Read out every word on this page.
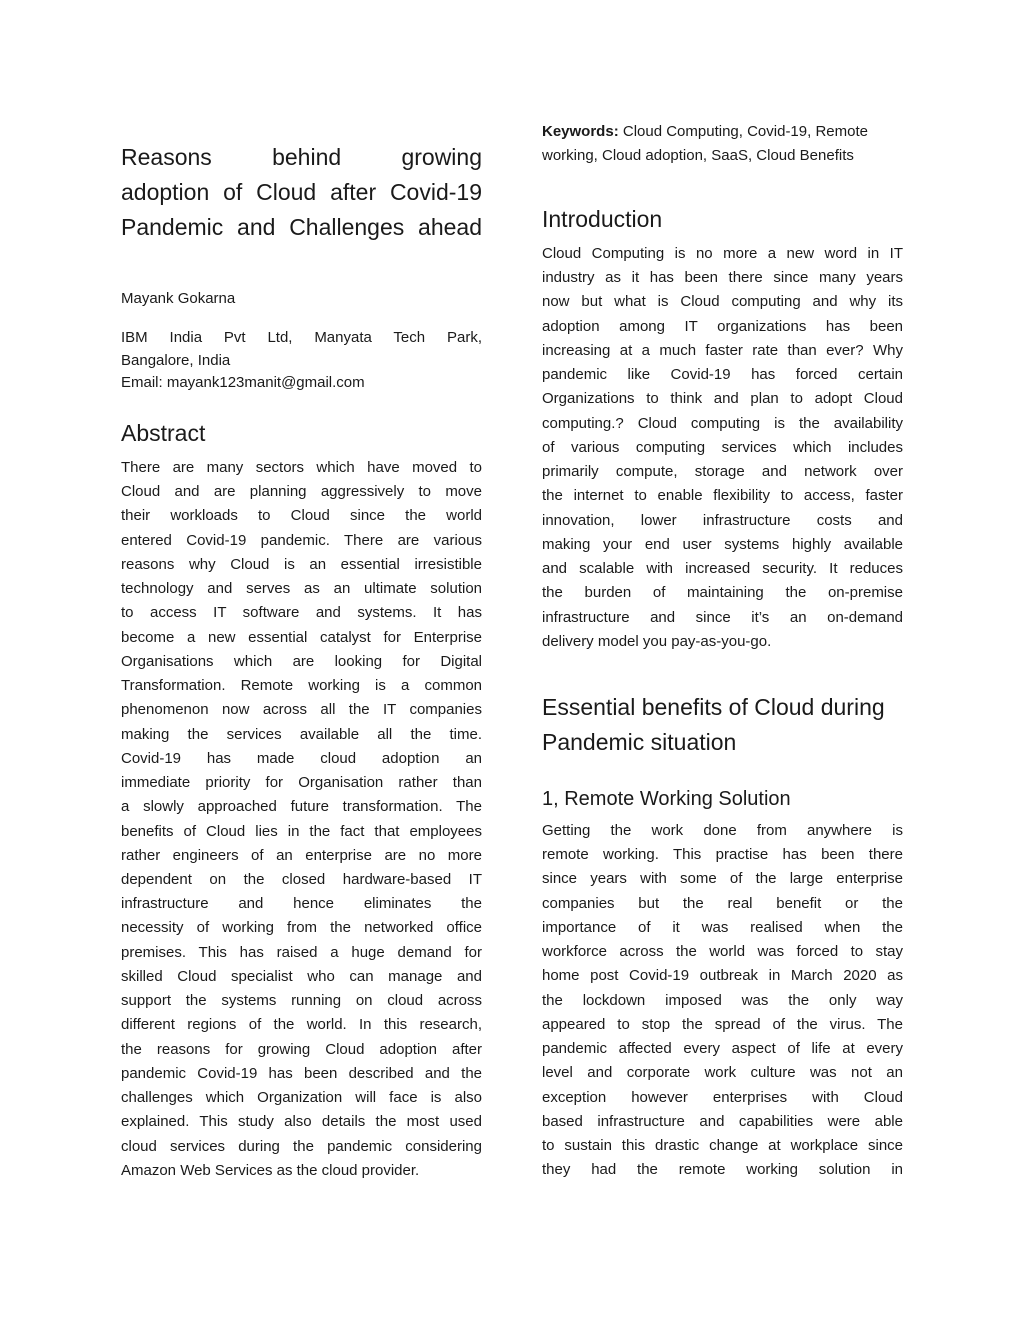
Reasons behind growing
adoption of Cloud after Covid-19
Pandemic and Challenges ahead
Mayank Gokarna
IBM India Pvt Ltd, Manyata Tech Park,
Bangalore, India
Email: mayank123manit@gmail.com
Abstract
There are many sectors which have moved to
Cloud and are planning aggressively to move
their workloads to Cloud since the world
entered Covid-19 pandemic. There are various
reasons why Cloud is an essential irresistible
technology and serves as an ultimate solution
to access IT software and systems. It has
become a new essential catalyst for Enterprise
Organisations which are looking for Digital
Transformation. Remote working is a common
phenomenon now across all the IT companies
making the services available all the time.
Covid-19 has made cloud adoption an
immediate priority for Organisation rather than
a slowly approached future transformation. The
benefits of Cloud lies in the fact that employees
rather engineers of an enterprise are no more
dependent on the closed hardware-based IT
infrastructure and hence eliminates the
necessity of working from the networked office
premises. This has raised a huge demand for
skilled Cloud specialist who can manage and
support the systems running on cloud across
different regions of the world. In this research,
the reasons for growing Cloud adoption after
pandemic Covid-19 has been described and the
challenges which Organization will face is also
explained. This study also details the most used
cloud services during the pandemic considering
Amazon Web Services as the cloud provider.
Keywords: Cloud Computing, Covid-19, Remote
working, Cloud adoption, SaaS, Cloud Benefits
Introduction
Cloud Computing is no more a new word in IT
industry as it has been there since many years
now but what is Cloud computing and why its
adoption among IT organizations has been
increasing at a much faster rate than ever? Why
pandemic like Covid-19 has forced certain
Organizations to think and plan to adopt Cloud
computing.? Cloud computing is the availability
of various computing services which includes
primarily compute, storage and network over
the internet to enable flexibility to access, faster
innovation, lower infrastructure costs and
making your end user systems highly available
and scalable with increased security. It reduces
the burden of maintaining the on-premise
infrastructure and since it’s an on-demand
delivery model you pay-as-you-go.
Essential benefits of Cloud during
Pandemic situation
1, Remote Working Solution
Getting the work done from anywhere is
remote working. This practise has been there
since years with some of the large enterprise
companies but the real benefit or the
importance of it was realised when the
workforce across the world was forced to stay
home post Covid-19 outbreak in March 2020 as
the lockdown imposed was the only way
appeared to stop the spread of the virus. The
pandemic affected every aspect of life at every
level and corporate work culture was not an
exception however enterprises with Cloud
based infrastructure and capabilities were able
to sustain this drastic change at workplace since
they had the remote working solution in
